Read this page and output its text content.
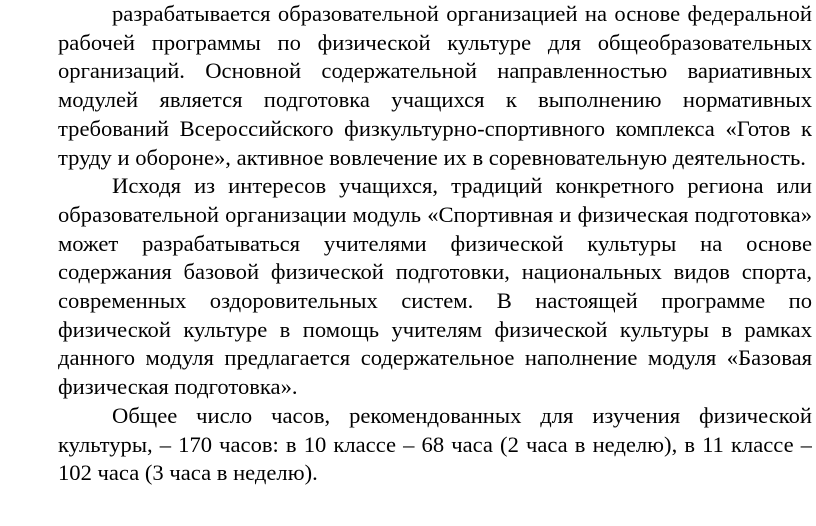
разрабатывается образовательной организацией на основе федеральной
рабочей программы по физической культуре для общеобразовательных
организаций. Основной содержательной направленностью вариативных
модулей является подготовка учащихся к выполнению нормативных
требований Всероссийского физкультурно-спортивного комплекса «Готов к
труду и обороне», активное вовлечение их в соревновательную деятельность.
Исходя из интересов учащихся, традиций конкретного региона или
образовательной организации модуль «Спортивная и физическая подготовка»
может разрабатываться учителями физической культуры на основе
содержания базовой физической подготовки, национальных видов спорта,
современных оздоровительных систем. В настоящей программе по
физической культуре в помощь учителям физической культуры в рамках
данного модуля предлагается содержательное наполнение модуля «Базовая
физическая подготовка».
Общее число часов, рекомендованных для изучения физической
культуры, – 170 часов: в 10 классе – 68 часа (2 часа в неделю), в 11 классе –
102 часа (3 часа в неделю).
